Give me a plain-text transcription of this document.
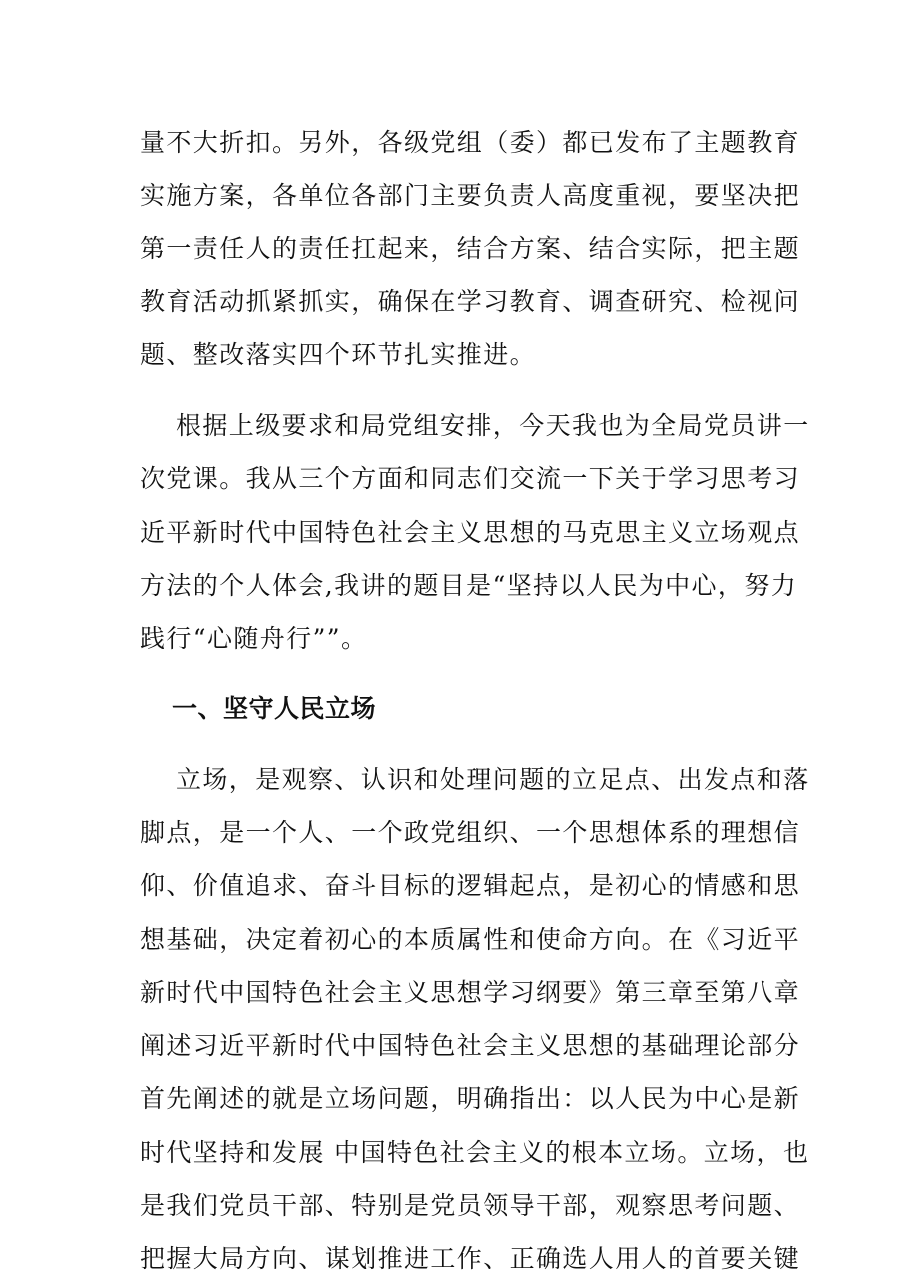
量不大折扣。另外，各级党组（委）都已发布了主题教育
实施方案，各单位各部门主要负责人高度重视，要坚决把
第一责任人的责任扛起来，结合方案、结合实际，把主题
教育活动抓紧抓实，确保在学习教育、调查研究、检视问
题、整改落实四个环节扎实推进。
根据上级要求和局党组安排，今天我也为全局党员讲一
次党课。我从三个方面和同志们交流一下关于学习思考习
近平新时代中国特色社会主义思想的马克思主义立场观点
方法的个人体会,我讲的题目是“坚持以人民为中心，努力
践行“心随舟行””。
一、坚守人民立场
立场，是观察、认识和处理问题的立足点、出发点和落
脚点，是一个人、一个政党组织、一个思想体系的理想信
仰、价值追求、奋斗目标的逻辑起点，是初心的情感和思
想基础，决定着初心的本质属性和使命方向。在《习近平
新时代中国特色社会主义思想学习纲要》第三章至第八章
阐述习近平新时代中国特色社会主义思想的基础理论部分
首先阐述的就是立场问题，明确指出：以人民为中心是新
时代坚持和发展 中国特色社会主义的根本立场。立场，也
是我们党员干部、特别是党员领导干部，观察思考问题、
把握大局方向、谋划推进工作、正确选人用人的首要关键
